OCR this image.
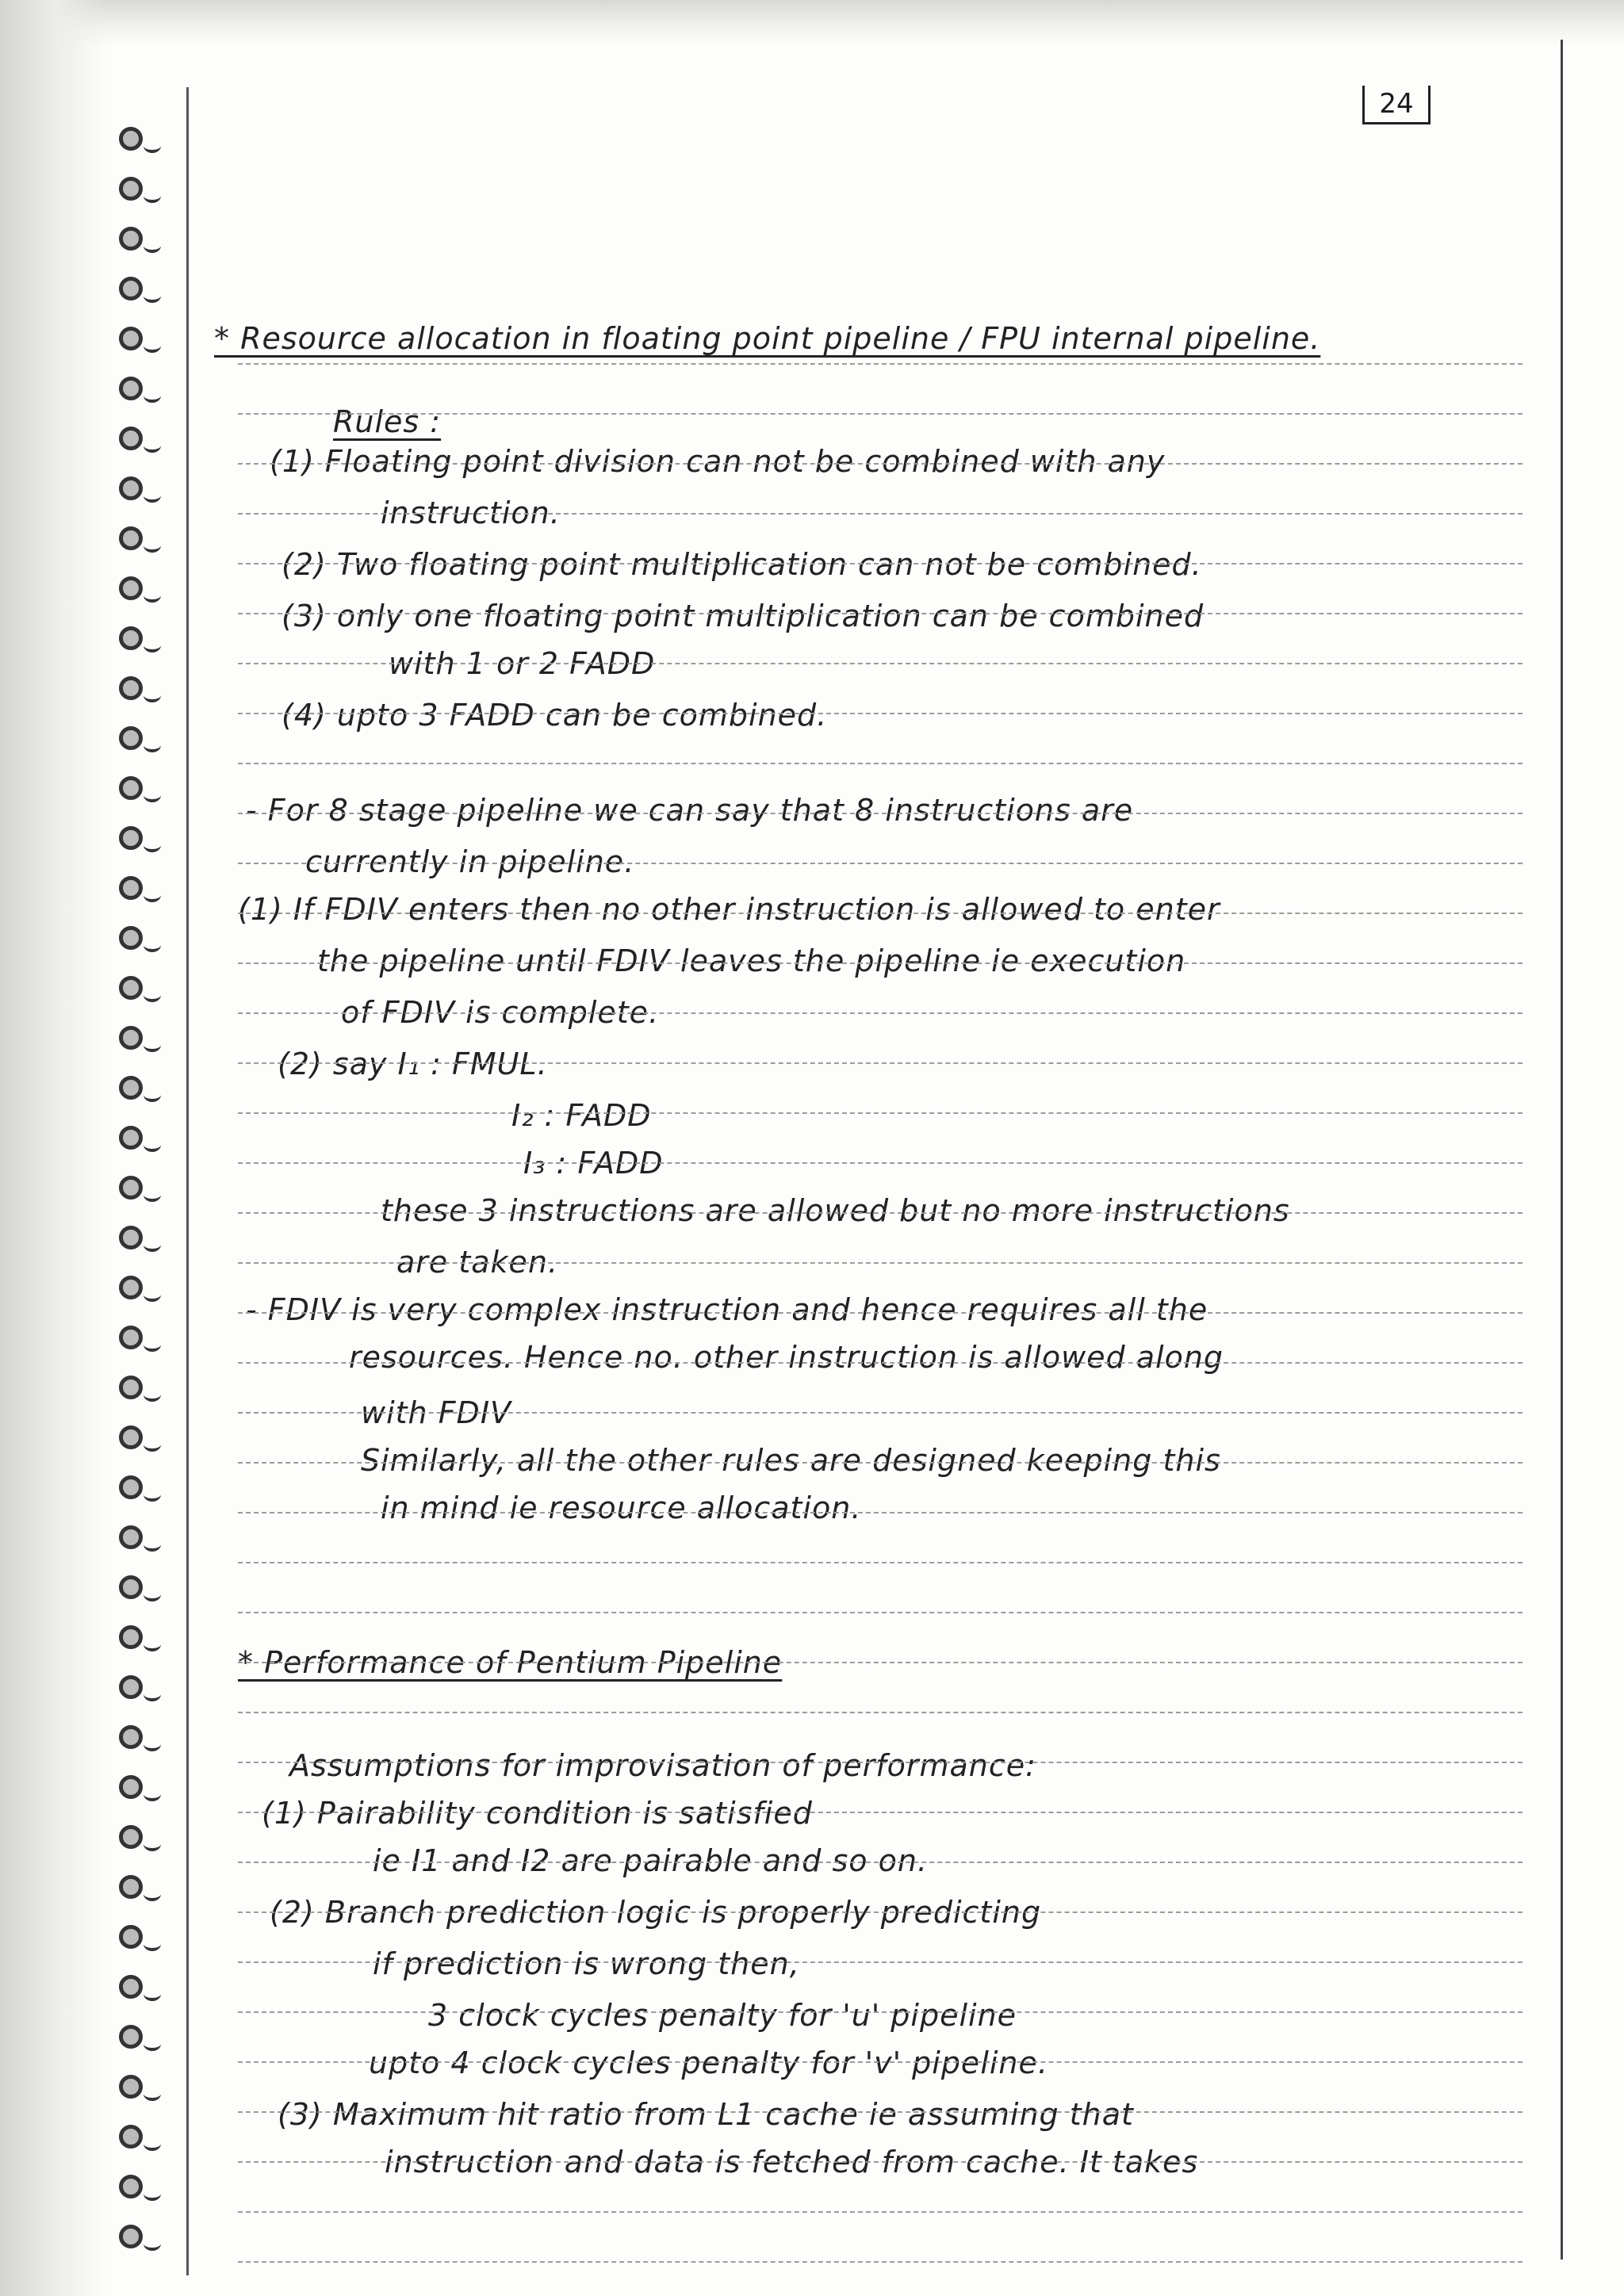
24
* Resource allocation in floating point pipeline / FPU internal pipeline.
Rules :
(1) Floating point division can not be combined with any
instruction.
(2) Two floating point multiplication can not be combined.
(3) only one floating point multiplication can be combined
with 1 or 2 FADD
(4) upto 3 FADD can be combined.
- For 8 stage pipeline we can say that 8 instructions are
currently in pipeline.
(1) If FDIV enters then no other instruction is allowed to enter
the pipeline until FDIV leaves the pipeline ie execution
of FDIV is complete.
(2) say I₁ : FMUL.
I₂ : FADD
I₃ : FADD
these 3 instructions are allowed but no more instructions
are taken.
- FDIV is very complex instruction and hence requires all the
resources. Hence no. other instruction is allowed along
with FDIV
Similarly, all the other rules are designed keeping this
in mind ie resource allocation.
* Performance of Pentium Pipeline
Assumptions for improvisation of performance:
(1) Pairability condition is satisfied
ie I1 and I2 are pairable and so on.
(2) Branch prediction logic is properly predicting
if prediction is wrong then,
3 clock cycles penalty for 'u' pipeline
upto 4 clock cycles penalty for 'v' pipeline.
(3) Maximum hit ratio from L1 cache ie assuming that
instruction and data is fetched from cache. It takes
